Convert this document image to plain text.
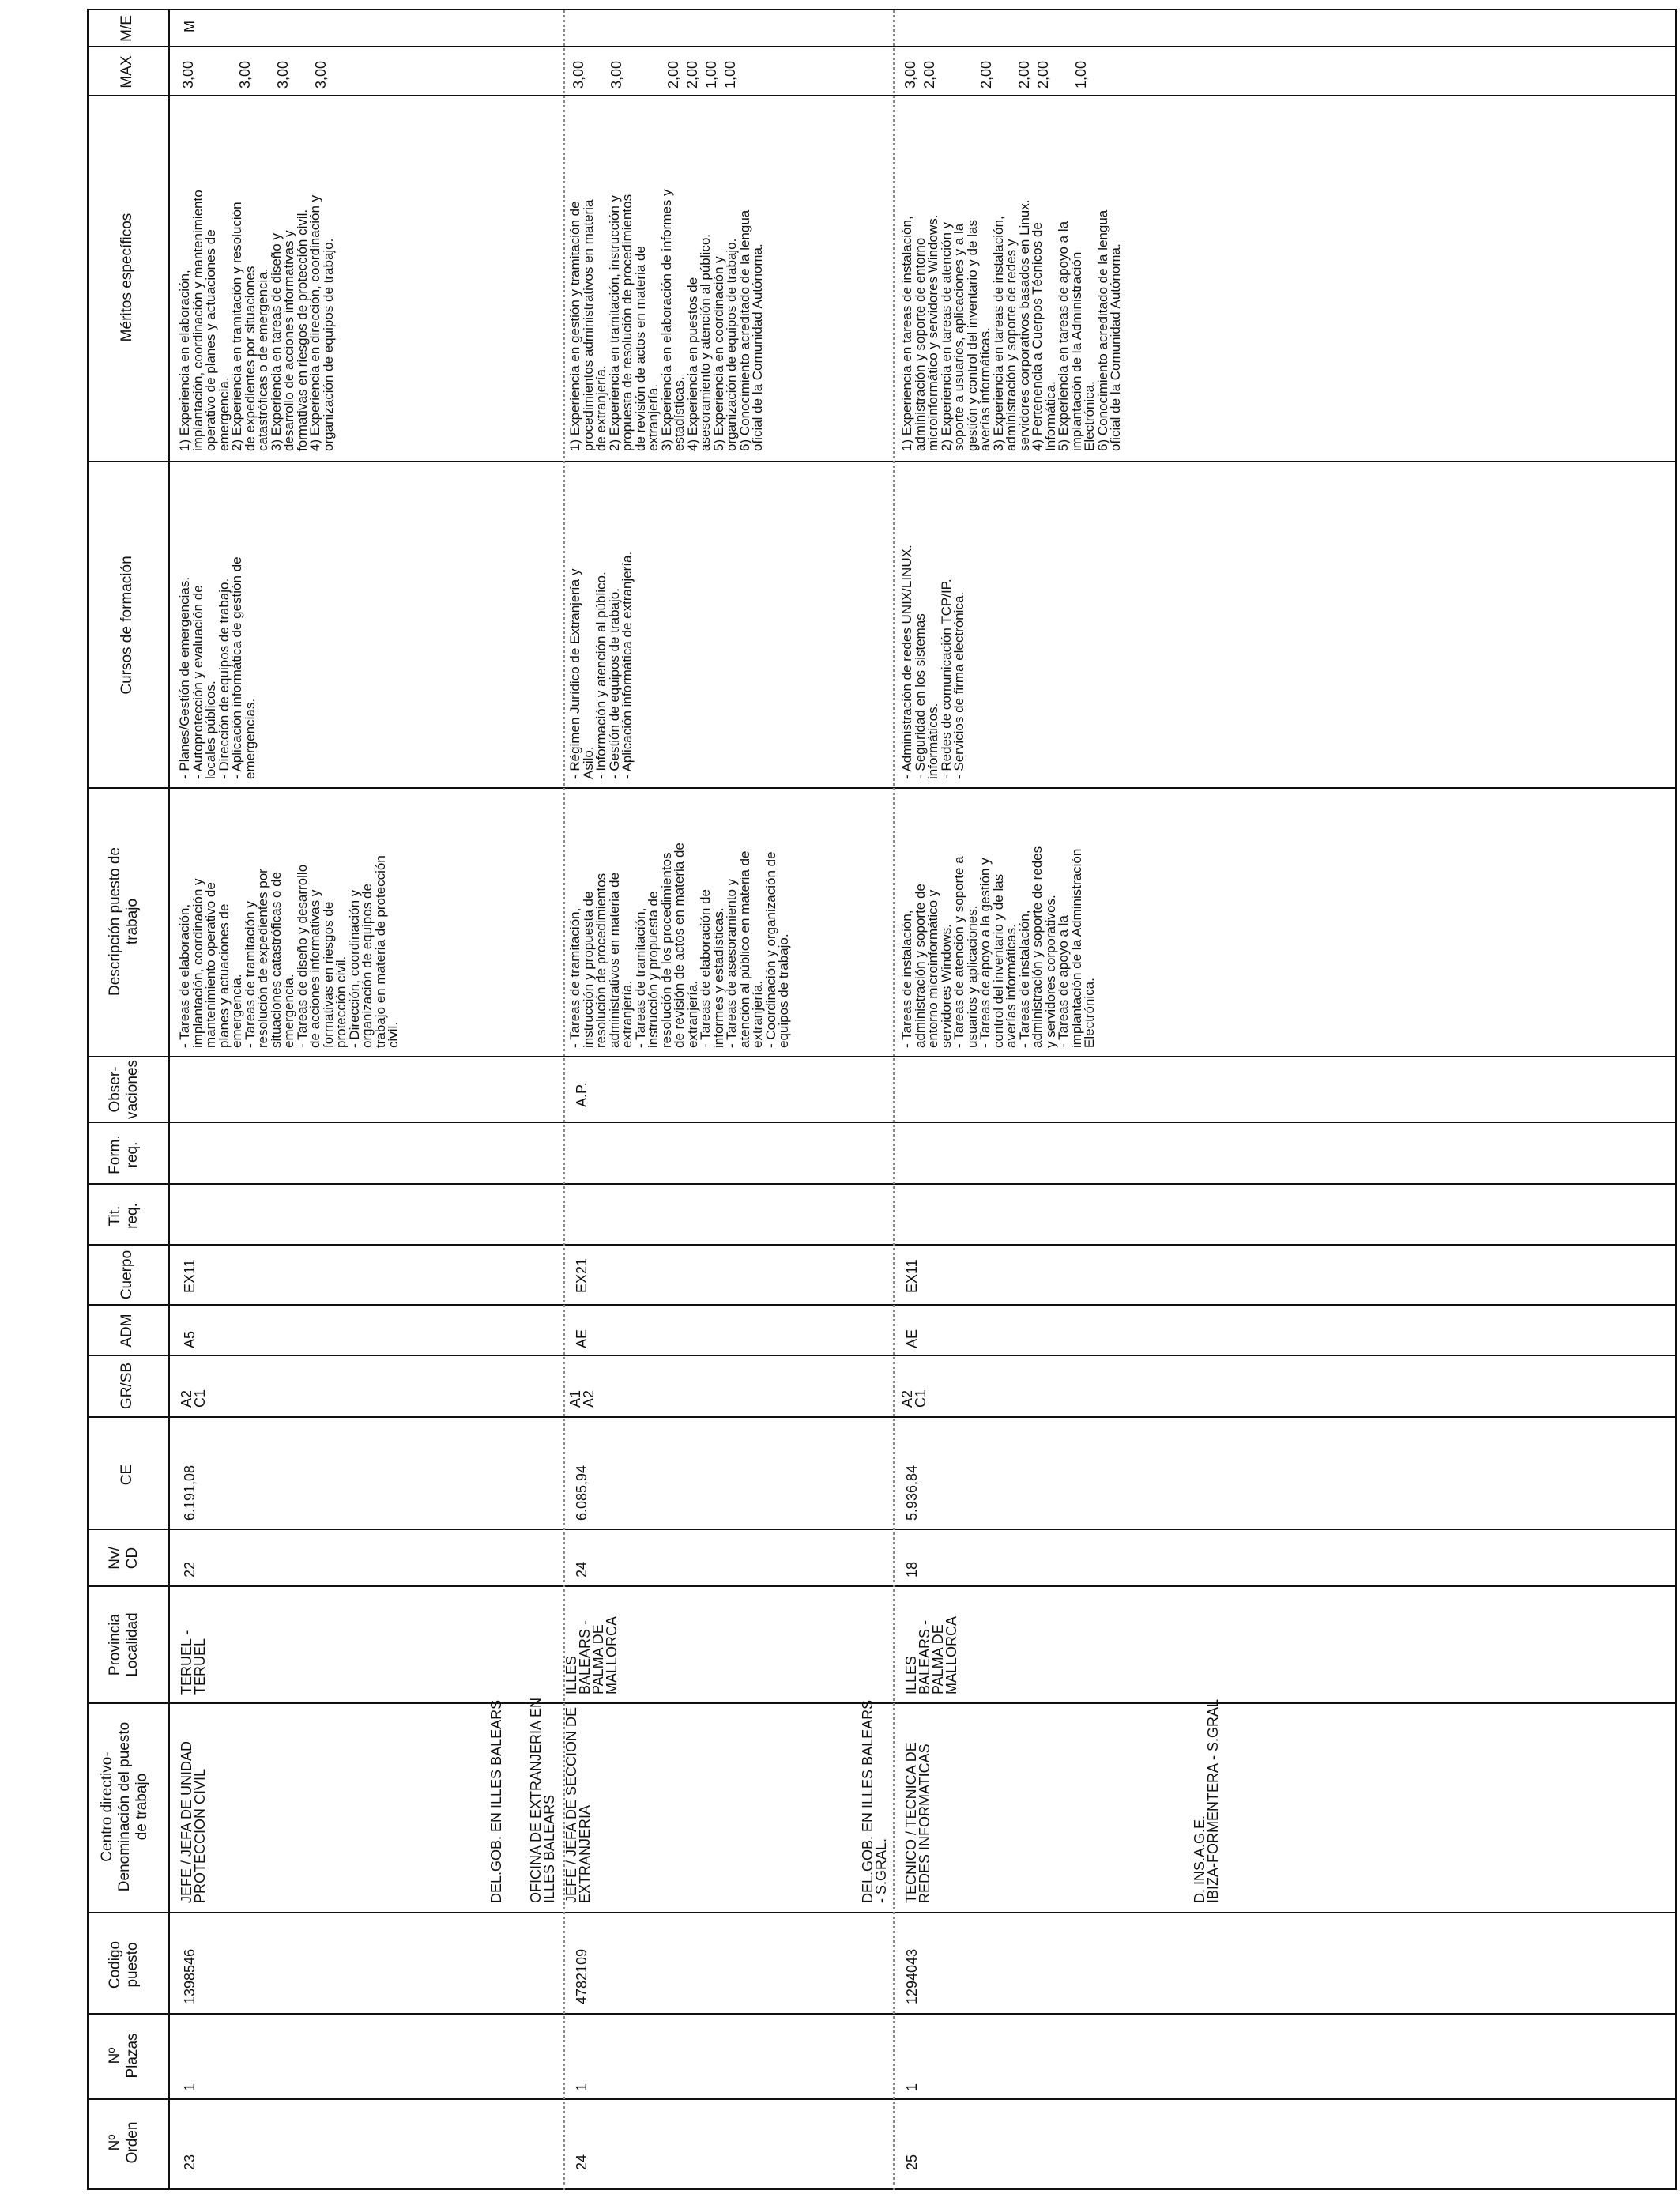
Nº Orden
Nº Plazas
Codigo puesto
Centro directivo- Denominación del puesto de trabajo
Provincia Localidad
Nv/ CD
CE
GR/SB
ADM
Cuerpo
Tit. req.
Form. req.
Obser- vaciones
Descripción puesto de trabajo
Cursos de formación
Méritos específicos
MAX
M/E
23
1
1398546
JEFE / JEFA DE UNIDAD
PROTECCION CIVIL
TERUEL -
TERUEL
22
6.191,08
A2
C1
A5
EX11
- Tareas de elaboración,
implantación, coordinación y
mantenimiento operativo de
planes y actuaciones de
emergencia.
- Tareas de tramitación y
resolución de expedientes por
situaciones catastróficas o de
emergencia.
- Tareas de diseño y desarrollo
de acciones informativas y
formativas en riesgos de
protección civil.
- Dirección, coordinación y
organización de equipos de
trabajo en materia de protección
civil.
- Planes/Gestión de emergencias.
- Autoprotección y evaluación de
locales públicos.
- Dirección de equipos de trabajo.
- Aplicación informática de gestión de
emergencias.
1) Experiencia en elaboración,
implantación, coordinación y mantenimiento
operativo de planes y actuaciones de
emergencia.
2) Experiencia en tramitación y resolución
de expedientes por situaciones
catastróficas o de emergencia.
3) Experiencia en tareas de diseño y
desarrollo de acciones informativas y
formativas en riesgos de protección civil.
4) Experiencia en dirección, coordinación y
organización de equipos de trabajo.
3,00

3,00

3,00

3,00
M
DEL.GOB. EN ILLES BALEARS
24
1
4782109
OFICINA DE EXTRANJERIA EN
ILLES BALEARS
JEFE / JEFA DE SECCION DE
EXTRANJERIA
ILLES
BALEARS -
PALMA DE
MALLORCA
24
6.085,94
A1
A2
AE
EX21
A.P.
- Tareas de tramitación,
instrucción y propuesta de
resolución de procedimientos
administrativos en materia de
extranjería.
- Tareas de tramitación,
instrucción y propuesta de
resolución de los procedimientos
de revisión de actos en materia de
extranjería.
- Tareas de elaboración de
informes y estadísticas.
- Tareas de asesoramiento y
atención al público en materia de
extranjería.
- Coordinación y organización de
equipos de trabajo.
- Régimen Jurídico de Extranjería y
Asilo.
- Información y atención al público.
- Gestión de equipos de trabajo.
- Aplicación informática de extranjería.
1) Experiencia en gestión y tramitación de
procedimientos administrativos en materia
de extranjería.
2) Experiencia en tramitación, instrucción y
propuesta de resolución de procedimientos
de revisión de actos en materia de
extranjería.
3) Experiencia en elaboración de informes y
estadísticas.
4) Experiencia en puestos de
asesoramiento y atención al público.
5) Experiencia en coordinación y
organización de equipos de trabajo.
6) Conocimiento acreditado de la lengua
oficial de la Comunidad Autónoma.
3,00

3,00

2,00
2,00
1,00
1,00
DEL.GOB. EN ILLES BALEARS
- S.GRAL.
25
1
1294043
TECNICO / TECNICA DE
REDES INFORMATICAS
ILLES
BALEARS -
PALMA DE
MALLORCA
18
5.936,84
A2
C1
AE
EX11
- Tareas de instalación,
administración y soporte de
entorno microinformático y
servidores Windows.
- Tareas de atención y soporte a
usuarios y aplicaciones.
- Tareas de apoyo a la gestión y
control del inventario y de las
averías informáticas.
- Tareas de instalación,
administración y soporte de redes
y servidores corporativos.
- Tareas de apoyo a la
implantación de la Administración
Electrónica.
- Administración de redes UNIX/LINUX.
- Seguridad en los sistemas
informáticos.
- Redes de comunicación TCP/IP.
- Servicios de firma electrónica.
1) Experiencia en tareas de instalación,
administración y soporte de entorno
microinformático y servidores Windows.
2) Experiencia en tareas de atención y
soporte a usuarios, aplicaciones y a la
gestión y control del inventario y de las
averías informáticas.
3) Experiencia en tareas de instalación,
administración y soporte de redes y
servidores corporativos basados en Linux.
4) Pertenencia a Cuerpos Técnicos de
Informática.
5) Experiencia en tareas de apoyo a la
implantación de la Administración
Electrónica.
6) Conocimiento acreditado de la lengua
oficial de la Comunidad Autónoma.
3,00
2,00

2,00

2,00
2,00

1,00
D. INS.A.G.E.
IBIZA-FORMENTERA - S.GRAL
